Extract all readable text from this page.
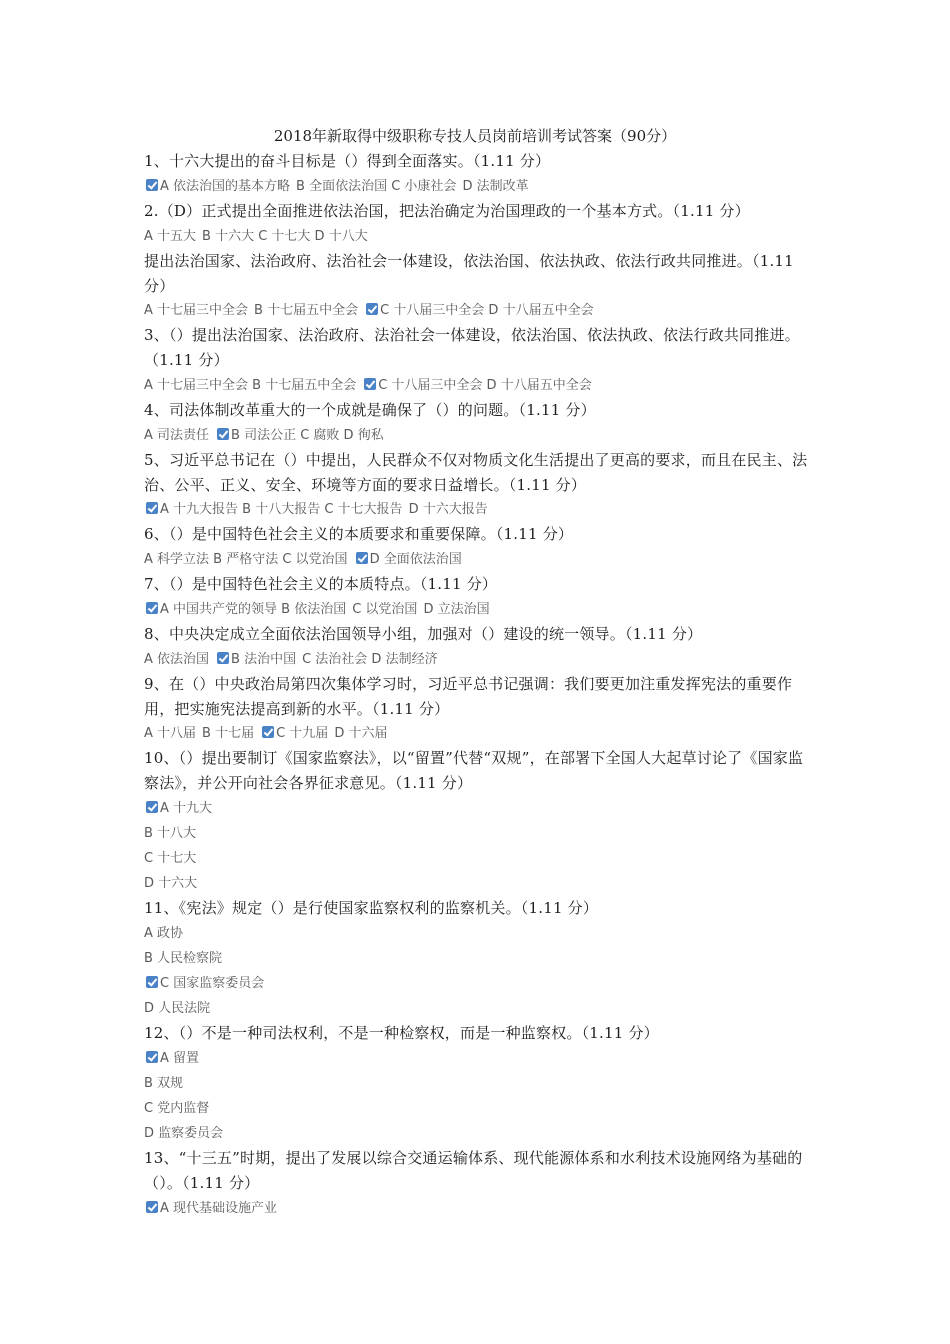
2018年新取得中级职称专技人员岗前培训考试答案（90分）
1、十六大提出的奋斗目标是（）得到全面落实。（1.11 分）
A 依法治国的基本方略 B 全面依法治国 C 小康社会 D 法制改革
2.（D）正式提出全面推进依法治国，把法治确定为治国理政的一个基本方式。（1.11 分）
A 十五大 B 十六大 C 十七大 D 十八大
提出法治国家、法治政府、法治社会一体建设，依法治国、依法执政、依法行政共同推进。（1.11 分）
A 十七届三中全会 B 十七届五中全会 C 十八届三中全会 D 十八届五中全会
3、（）提出法治国家、法治政府、法治社会一体建设，依法治国、依法执政、依法行政共同推进。（1.11 分）
A 十七届三中全会 B 十七届五中全会 C 十八届三中全会 D 十八届五中全会
4、司法体制改革重大的一个成就是确保了（）的问题。（1.11 分）
A 司法责任 B 司法公正 C 腐败 D 徇私
5、习近平总书记在（）中提出，人民群众不仅对物质文化生活提出了更高的要求，而且在民主、法治、公平、正义、安全、环境等方面的要求日益增长。（1.11 分）
A 十九大报告 B 十八大报告 C 十七大报告 D 十六大报告
6、（）是中国特色社会主义的本质要求和重要保障。（1.11 分）
A 科学立法 B 严格守法 C 以党治国 D 全面依法治国
7、（）是中国特色社会主义的本质特点。（1.11 分）
A 中国共产党的领导 B 依法治国 C 以党治国 D 立法治国
8、中央决定成立全面依法治国领导小组，加强对（）建设的统一领导。（1.11 分）
A 依法治国 B 法治中国 C 法治社会 D 法制经济
9、在（）中央政治局第四次集体学习时，习近平总书记强调：我们要更加注重发挥宪法的重要作用，把实施宪法提高到新的水平。（1.11 分）
A 十八届 B 十七届 C 十九届 D 十六届
10、（）提出要制订《国家监察法》，以“留置”代替“双规”，在部署下全国人大起草讨论了《国家监察法》，并公开向社会各界征求意见。（1.11 分）
A 十九大
B 十八大
C 十七大
D 十六大
11、《宪法》规定（）是行使国家监察权利的监察机关。（1.11 分）
A 政协
B 人民检察院
C 国家监察委员会
D 人民法院
12、（）不是一种司法权利，不是一种检察权，而是一种监察权。（1.11 分）
A 留置
B 双规
C 党内监督
D 监察委员会
13、“十三五”时期，提出了发展以综合交通运输体系、现代能源体系和水利技术设施网络为基础的（）。（1.11 分）
A 现代基础设施产业
